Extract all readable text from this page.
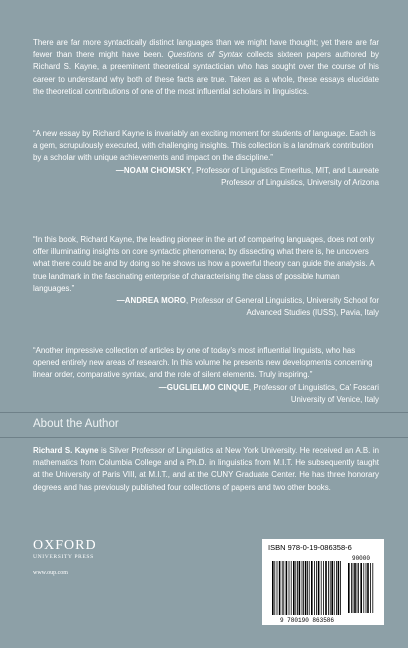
There are far more syntactically distinct languages than we might have thought; yet there are far fewer than there might have been. Questions of Syntax collects sixteen papers authored by Richard S. Kayne, a preeminent theoretical syntactician who has sought over the course of his career to understand why both of these facts are true. Taken as a whole, these essays elucidate the theoretical contributions of one of the most influential scholars in linguistics.

“A new essay by Richard Kayne is invariably an exciting moment for students of language. Each is a gem, scrupulously executed, with challenging insights. This collection is a landmark contribution by a scholar with unique achievements and impact on the discipline.”

—NOAM CHOMSKY, Professor of Linguistics Emeritus, MIT, and Laureate
Professor of Linguistics, University of Arizona

“In this book, Richard Kayne, the leading pioneer in the art of comparing languages, does not only offer illuminating insights on core syntactic phenomena; by dissecting what there is, he uncovers what there could be and by doing so he shows us how a powerful theory can guide the analysis. A true landmark in the fascinating enterprise of characterising the class of possible human languages.”

—ANDREA MORO, Professor of General Linguistics, University School for
Advanced Studies (IUSS), Pavia, Italy

“Another impressive collection of articles by one of today’s most influential linguists, who has opened entirely new areas of research. In this volume he presents new developments concerning linear order, comparative syntax, and the role of silent elements. Truly inspiring.”

—GUGLIELMO CINQUE, Professor of Linguistics, Ca’ Foscari
University of Venice, Italy
About the Author
Richard S. Kayne is Silver Professor of Linguistics at New York University. He received an A.B. in mathematics from Columbia College and a Ph.D. in linguistics from M.I.T. He subsequently taught at the University of Paris VIII, at M.I.T., and at the CUNY Graduate Center. He has three honorary degrees and has previously published four collections of papers and two other books.
OXFORD
UNIVERSITY PRESS
www.oup.com
ISBN 978-0-19-086358-6
90000
9 780190 863586
